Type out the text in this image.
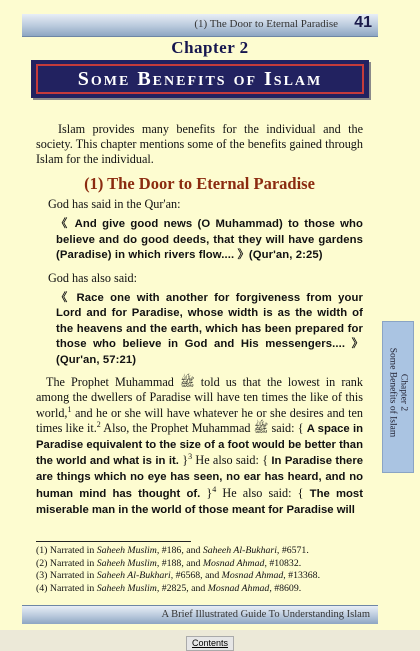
(1) The Door to Eternal Paradise 41
Chapter 2
Some Benefits of Islam

Islam provides many benefits for the individual and the society. This chapter mentions some of the benefits gained through Islam for the individual.

(1) The Door to Eternal Paradise

God has said in the Qur'an:

《 And give good news (O Muhammad) to those who believe and do good deeds, that they will have gardens (Paradise) in which rivers flow.... 》(Qur'an, 2:25)

God has also said:

《 Race one with another for forgiveness from your Lord and for Paradise, whose width is as the width of the heavens and the earth, which has been prepared for those who believe in God and His messengers.... 》(Qur'an, 57:21)

The Prophet Muhammad ﷺ told us that the lowest in rank among the dwellers of Paradise will have ten times the like of this world,$^1$ and he or she will have whatever he or she desires and ten times like it.$^2$ Also, the Prophet Muhammad ﷺ said: { A space in Paradise equivalent to the size of a foot would be better than the world and what is in it. }$^3$ He also said: { In Paradise there are things which no eye has seen, no ear has heard, and no human mind has thought of. }$^4$ He also said: { The most miserable man in the world of those meant for Paradise will

(1) Narrated in Saheeh Muslim, #186, and Saheeh Al-Bukhari, #6571.
(2) Narrated in Saheeh Muslim, #188, and Mosnad Ahmad, #10832.
(3) Narrated in Saheeh Al-Bukhari, #6568, and Mosnad Ahmad, #13368.
(4) Narrated in Saheeh Muslim, #2825, and Mosnad Ahmad, #8609.
A Brief Illustrated Guide To Understanding Islam
Chapter 2
Some Benefits of Islam
Contents
